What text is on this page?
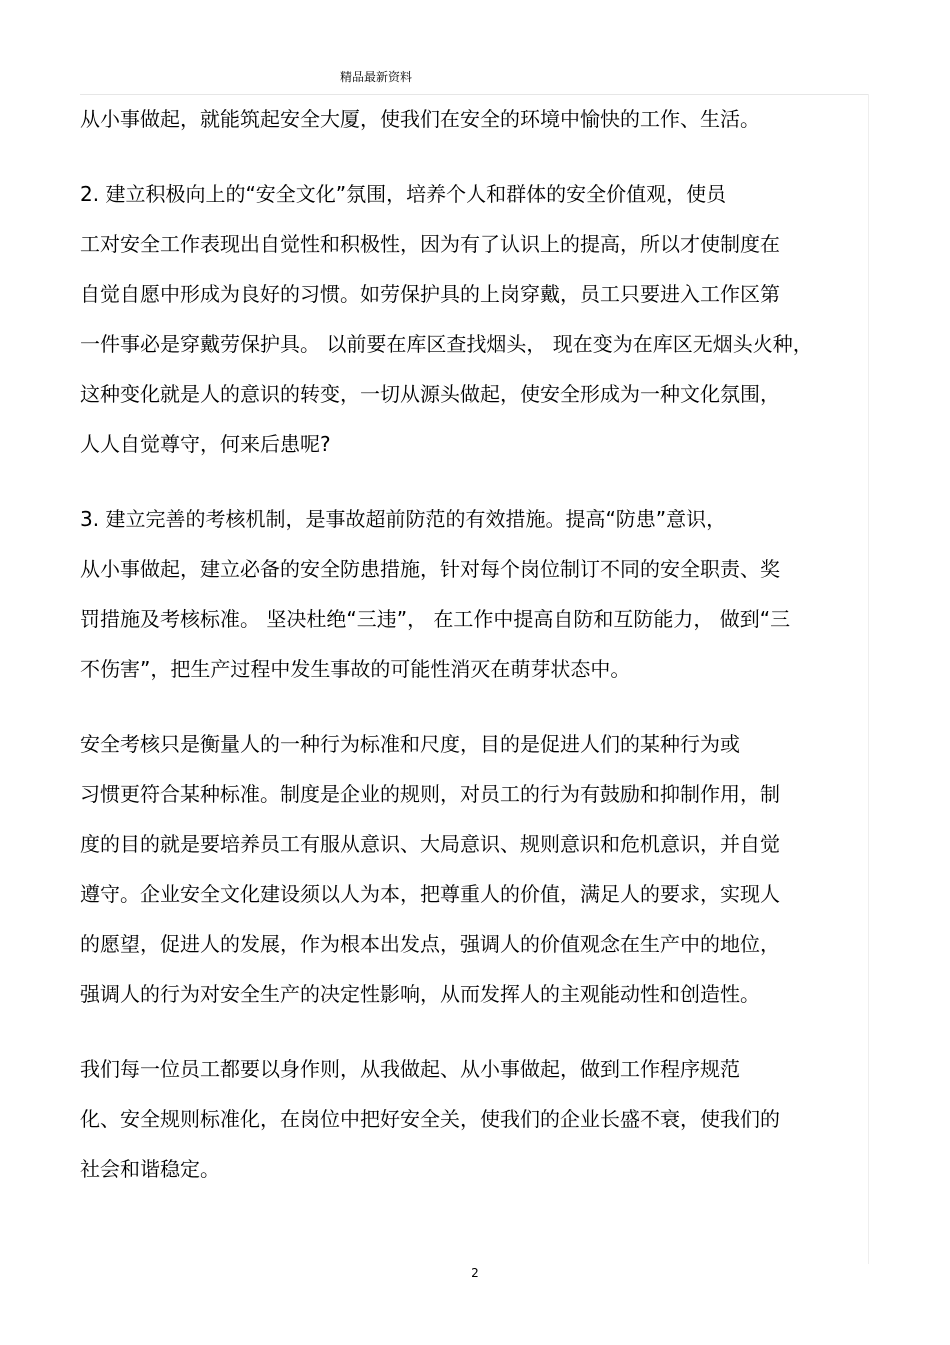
精品最新资料

从小事做起，就能筑起安全大厦，使我们在安全的环境中愉快的工作、生活。

2. 建立积极向上的“安全文化”氛围，培养个人和群体的安全价值观，使员

工对安全工作表现出自觉性和积极性，因为有了认识上的提高，所以才使制度在

自觉自愿中形成为良好的习惯。如劳保护具的上岗穿戴，员工只要进入工作区第

一件事必是穿戴劳保护具。 以前要在库区查找烟头， 现在变为在库区无烟头火种，

这种变化就是人的意识的转变，一切从源头做起，使安全形成为一种文化氛围，

人人自觉尊守，何来后患呢?

3. 建立完善的考核机制，是事故超前防范的有效措施。提高“防患”意识，

从小事做起，建立必备的安全防患措施，针对每个岗位制订不同的安全职责、奖

罚措施及考核标准。 坚决杜绝“三违”， 在工作中提高自防和互防能力， 做到“三

不伤害”，把生产过程中发生事故的可能性消灭在萌芽状态中。

安全考核只是衡量人的一种行为标准和尺度，目的是促进人们的某种行为或

习惯更符合某种标准。制度是企业的规则，对员工的行为有鼓励和抑制作用，制

度的目的就是要培养员工有服从意识、大局意识、规则意识和危机意识，并自觉

遵守。企业安全文化建设须以人为本，把尊重人的价值，满足人的要求，实现人

的愿望，促进人的发展，作为根本出发点，强调人的价值观念在生产中的地位，

强调人的行为对安全生产的决定性影响，从而发挥人的主观能动性和创造性。

我们每一位员工都要以身作则，从我做起、从小事做起，做到工作程序规范

化、安全规则标准化，在岗位中把好安全关，使我们的企业长盛不衰，使我们的

社会和谐稳定。

2
